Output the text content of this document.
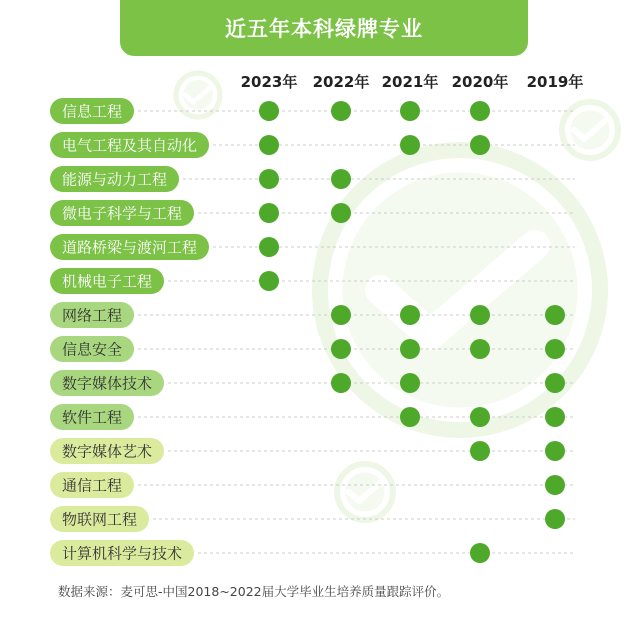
近五年本科绿牌专业
2023年 2022年 2021年 2020年 2019年
信息工程
电气工程及其自动化
能源与动力工程
微电子科学与工程
道路桥梁与渡河工程
机械电子工程
网络工程
信息安全
数字媒体技术
软件工程
数字媒体艺术
通信工程
物联网工程
计算机科学与技术
数据来源：麦可思-中国2018~2022届大学毕业生培养质量跟踪评价。
